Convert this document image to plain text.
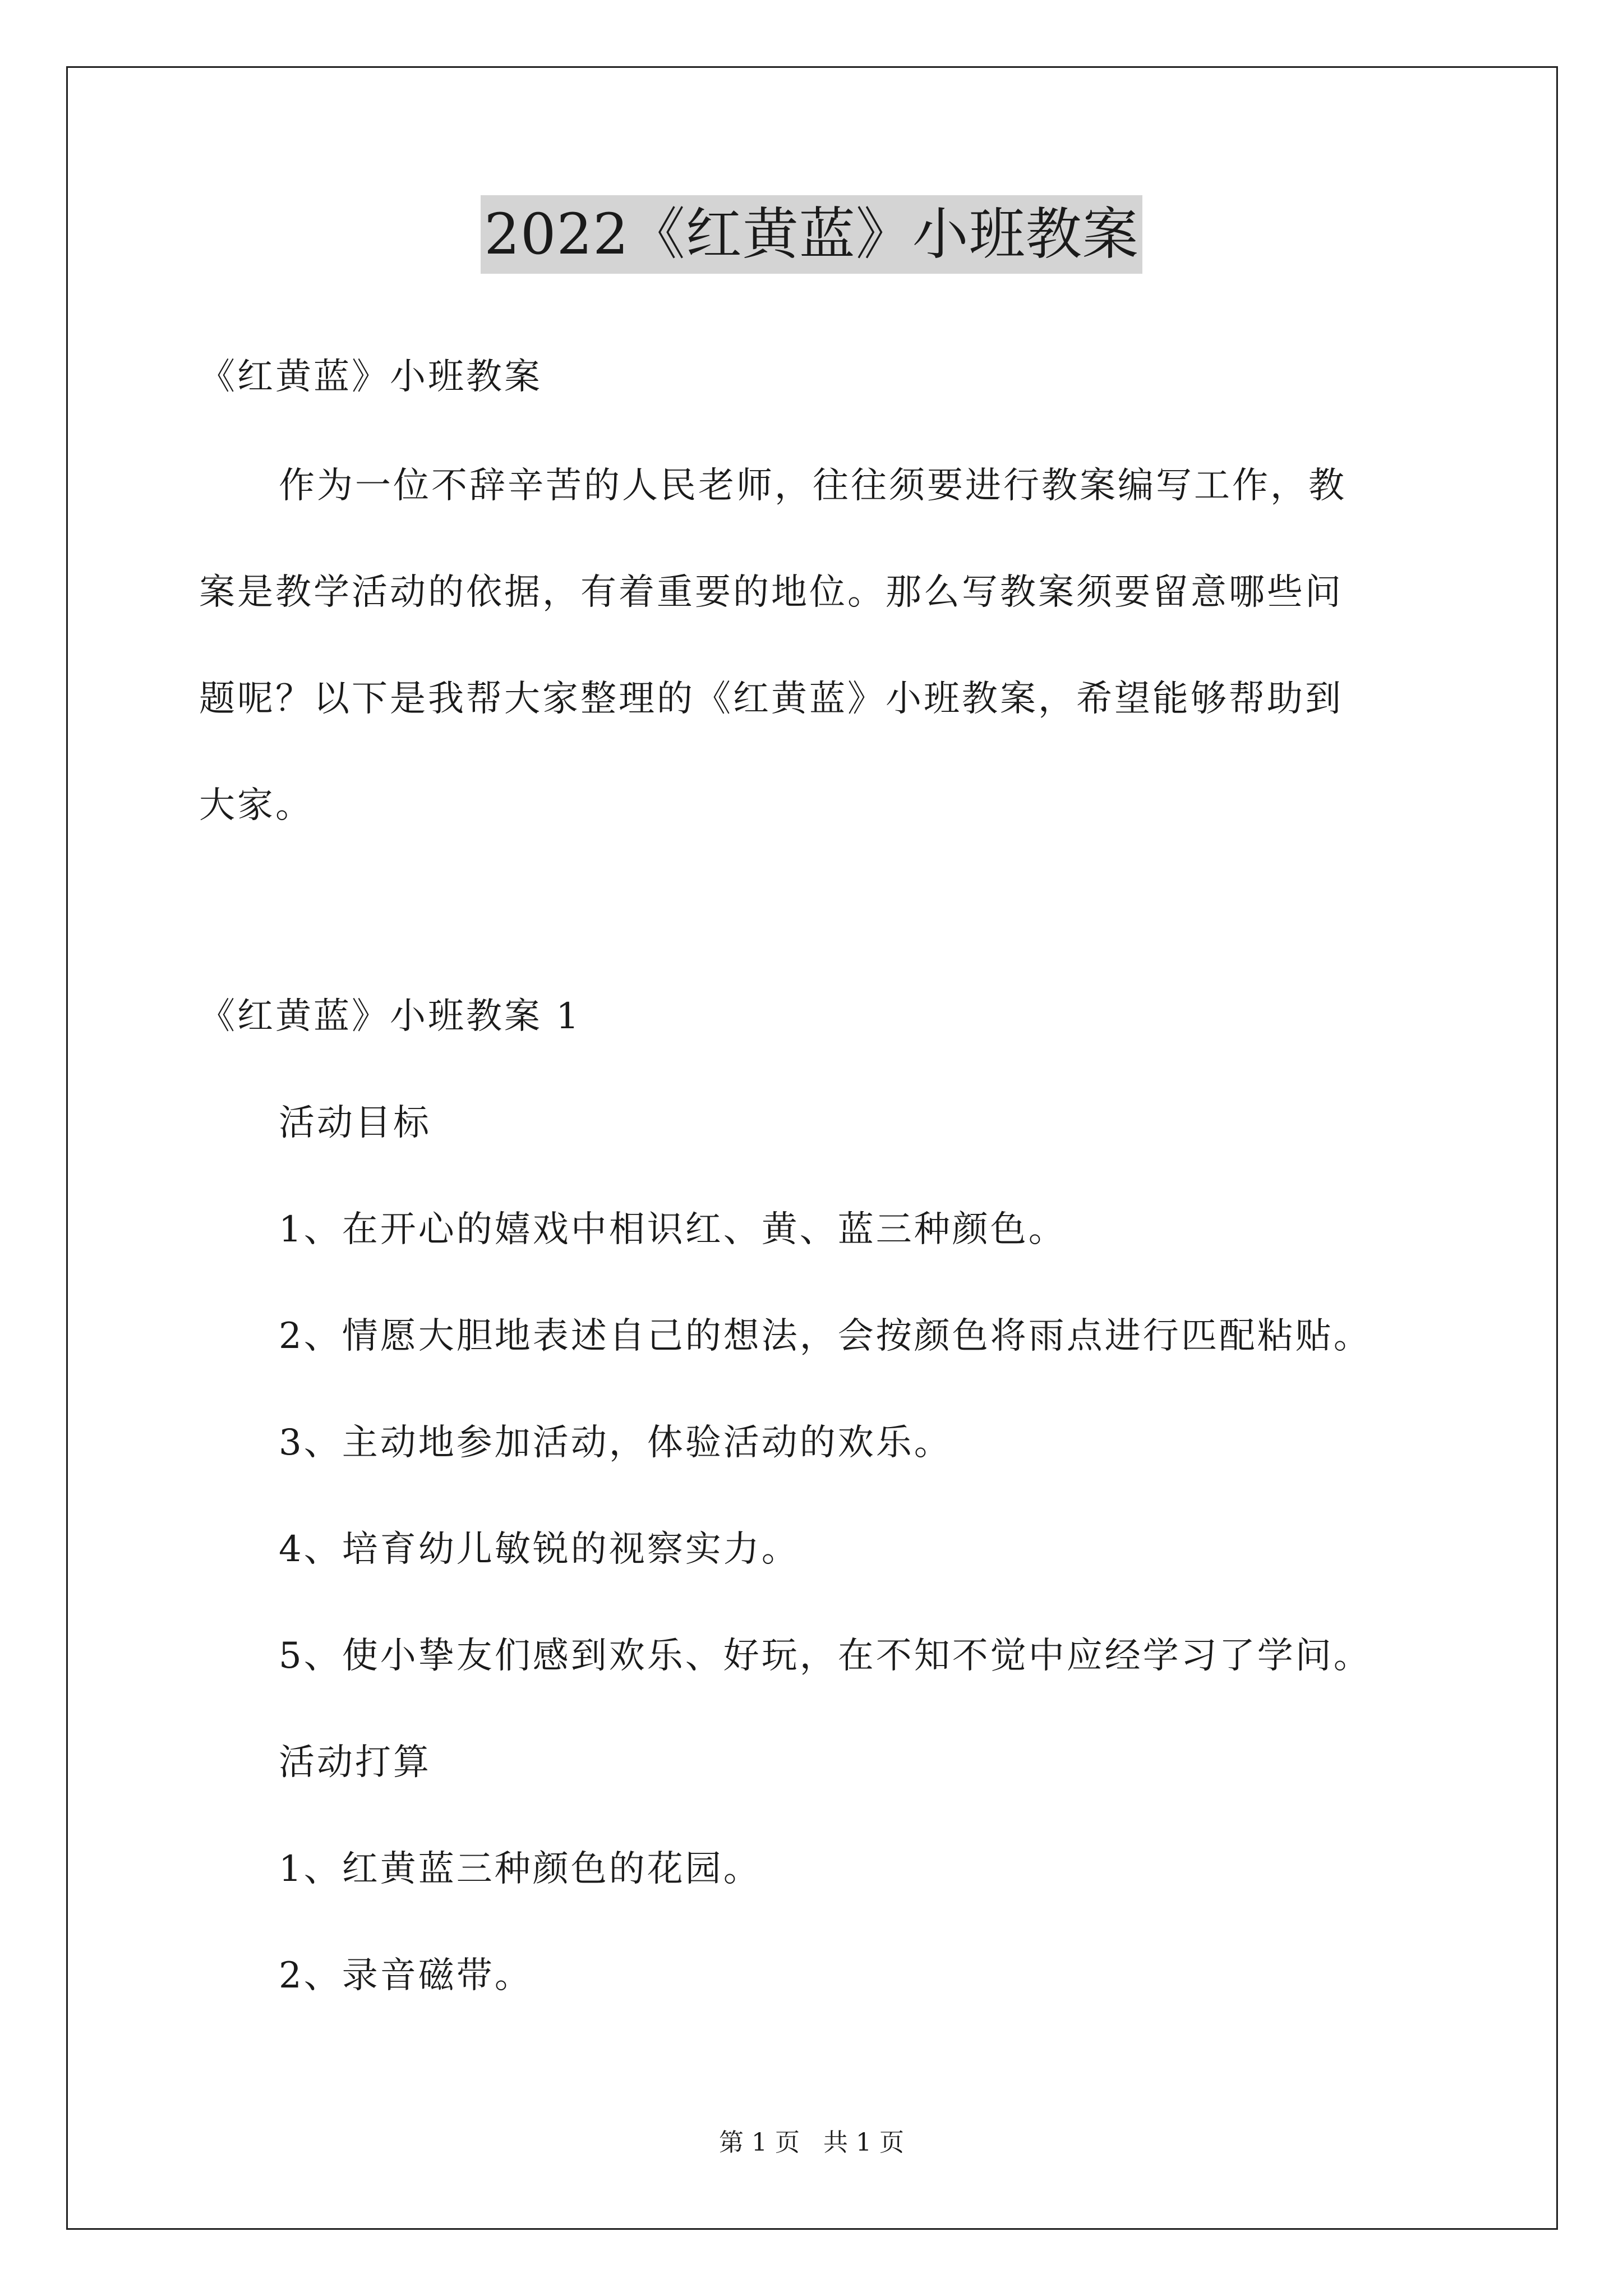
2022《红黄蓝》小班教案
《红黄蓝》小班教案
作为一位不辞辛苦的人民老师，往往须要进行教案编写工作，教
案是教学活动的依据，有着重要的地位。那么写教案须要留意哪些问
题呢？以下是我帮大家整理的《红黄蓝》小班教案，希望能够帮助到
大家。
《红黄蓝》小班教案 1
活动目标
1、在开心的嬉戏中相识红、黄、蓝三种颜色。
2、情愿大胆地表述自己的想法，会按颜色将雨点进行匹配粘贴。
3、主动地参加活动，体验活动的欢乐。
4、培育幼儿敏锐的视察实力。
5、使小挚友们感到欢乐、好玩，在不知不觉中应经学习了学问。
活动打算
1、红黄蓝三种颜色的花园。
2、录音磁带。
第 1 页   共 1 页
